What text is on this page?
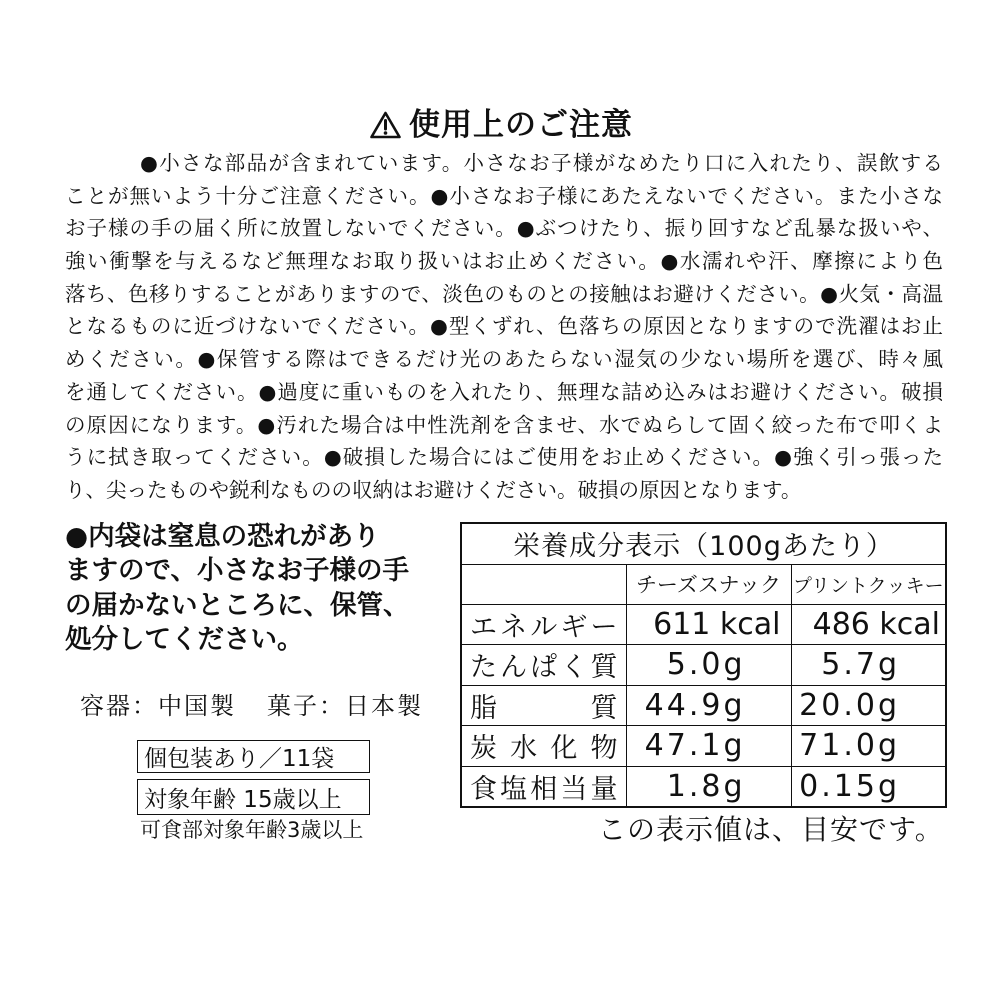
使用上のご注意
●小さな部品が含まれています。小さなお子様がなめたり口に入れたり、誤飲する
ことが無いよう十分ご注意ください。●小さなお子様にあたえないでください。また小さな
お子様の手の届く所に放置しないでください。●ぶつけたり、振り回すなど乱暴な扱いや、
強い衝撃を与えるなど無理なお取り扱いはお止めください。●水濡れや汗、摩擦により色
落ち、色移りすることがありますので、淡色のものとの接触はお避けください。●火気・高温
となるものに近づけないでください。●型くずれ、色落ちの原因となりますので洗濯はお止
めください。●保管する際はできるだけ光のあたらない湿気の少ない場所を選び、時々風
を通してください。●過度に重いものを入れたり、無理な詰め込みはお避けください。破損
の原因になります。●汚れた場合は中性洗剤を含ませ、水でぬらして固く絞った布で叩くよ
うに拭き取ってください。●破損した場合にはご使用をお止めください。●強く引っ張った
り、尖ったものや鋭利なものの収納はお避けください。破損の原因となります。
●内袋は窒息の恐れがあり
ますので、小さなお子様の手
の届かないところに、保管、
処分してください。
容器：中国製 菓子：日本製
個包装あり／11袋
対象年齢 15歳以上
可食部対象年齢3歳以上
栄養成分表示（100gあたり）		
	チーズスナック	プリントクッキー
エネルギー	611 kcal	486 kcal
たんぱく質	5.0g	5.7g
脂質	44.9g	20.0g
炭水化物	47.1g	71.0g
食塩相当量	1.8g	0.15g
この表示値は、目安です。
